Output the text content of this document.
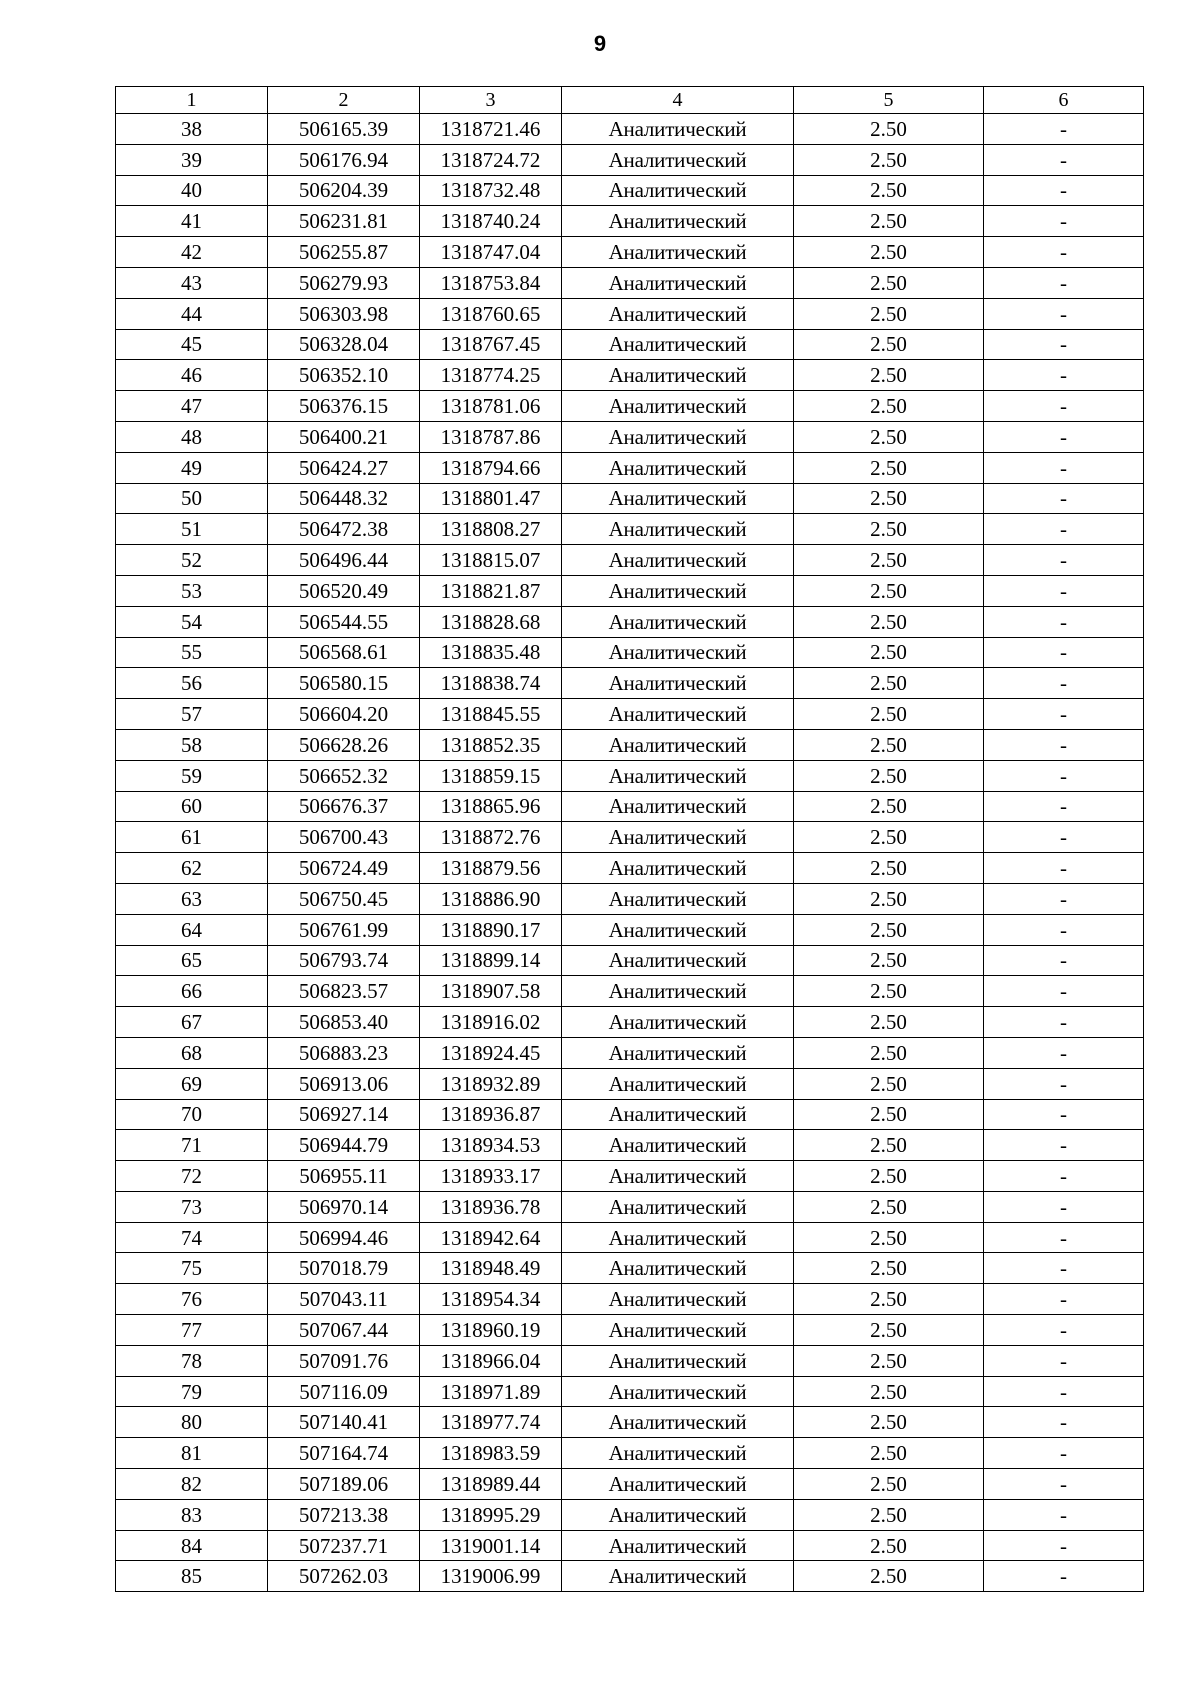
9
1	2	3	4	5	6
38	506165.39	1318721.46	Аналитический	2.50	-
39	506176.94	1318724.72	Аналитический	2.50	-
40	506204.39	1318732.48	Аналитический	2.50	-
41	506231.81	1318740.24	Аналитический	2.50	-
42	506255.87	1318747.04	Аналитический	2.50	-
43	506279.93	1318753.84	Аналитический	2.50	-
44	506303.98	1318760.65	Аналитический	2.50	-
45	506328.04	1318767.45	Аналитический	2.50	-
46	506352.10	1318774.25	Аналитический	2.50	-
47	506376.15	1318781.06	Аналитический	2.50	-
48	506400.21	1318787.86	Аналитический	2.50	-
49	506424.27	1318794.66	Аналитический	2.50	-
50	506448.32	1318801.47	Аналитический	2.50	-
51	506472.38	1318808.27	Аналитический	2.50	-
52	506496.44	1318815.07	Аналитический	2.50	-
53	506520.49	1318821.87	Аналитический	2.50	-
54	506544.55	1318828.68	Аналитический	2.50	-
55	506568.61	1318835.48	Аналитический	2.50	-
56	506580.15	1318838.74	Аналитический	2.50	-
57	506604.20	1318845.55	Аналитический	2.50	-
58	506628.26	1318852.35	Аналитический	2.50	-
59	506652.32	1318859.15	Аналитический	2.50	-
60	506676.37	1318865.96	Аналитический	2.50	-
61	506700.43	1318872.76	Аналитический	2.50	-
62	506724.49	1318879.56	Аналитический	2.50	-
63	506750.45	1318886.90	Аналитический	2.50	-
64	506761.99	1318890.17	Аналитический	2.50	-
65	506793.74	1318899.14	Аналитический	2.50	-
66	506823.57	1318907.58	Аналитический	2.50	-
67	506853.40	1318916.02	Аналитический	2.50	-
68	506883.23	1318924.45	Аналитический	2.50	-
69	506913.06	1318932.89	Аналитический	2.50	-
70	506927.14	1318936.87	Аналитический	2.50	-
71	506944.79	1318934.53	Аналитический	2.50	-
72	506955.11	1318933.17	Аналитический	2.50	-
73	506970.14	1318936.78	Аналитический	2.50	-
74	506994.46	1318942.64	Аналитический	2.50	-
75	507018.79	1318948.49	Аналитический	2.50	-
76	507043.11	1318954.34	Аналитический	2.50	-
77	507067.44	1318960.19	Аналитический	2.50	-
78	507091.76	1318966.04	Аналитический	2.50	-
79	507116.09	1318971.89	Аналитический	2.50	-
80	507140.41	1318977.74	Аналитический	2.50	-
81	507164.74	1318983.59	Аналитический	2.50	-
82	507189.06	1318989.44	Аналитический	2.50	-
83	507213.38	1318995.29	Аналитический	2.50	-
84	507237.71	1319001.14	Аналитический	2.50	-
85	507262.03	1319006.99	Аналитический	2.50	-
